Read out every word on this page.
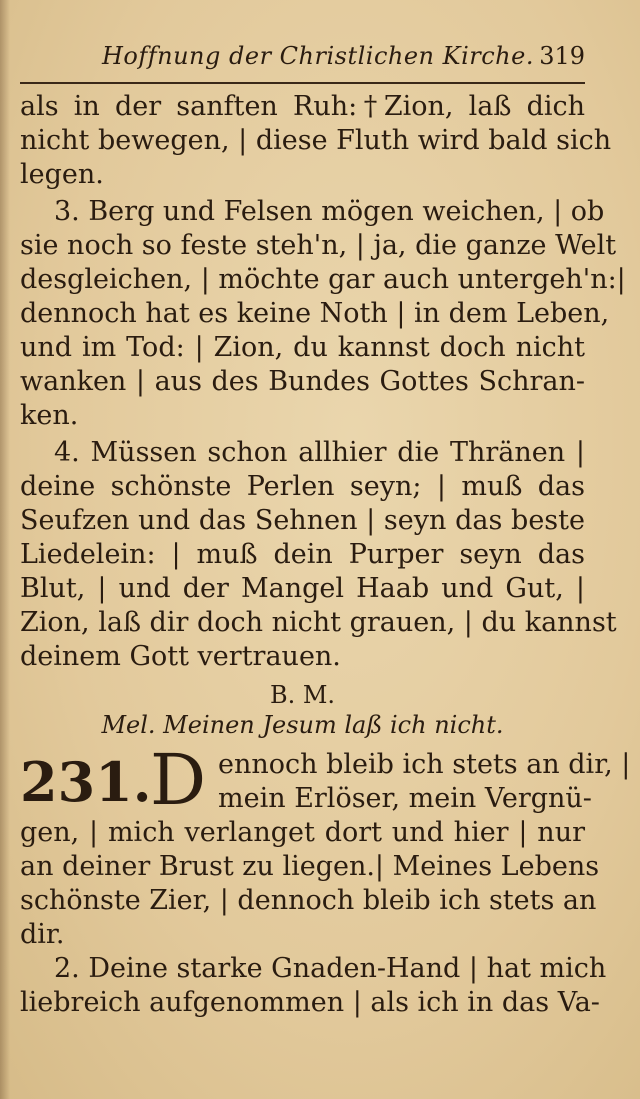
Hoffnung der Christlichen Kirche. 319
als in der sanften Ruh:†Zion, laß dich
nicht bewegen, | diese Fluth wird bald sich
legen.
3. Berg und Felsen mögen weichen, | ob
sie noch so feste steh'n, | ja, die ganze Welt
desgleichen, | möchte gar auch untergeh'n:|
dennoch hat es keine Noth | in dem Leben,
und im Tod: | Zion, du kannst doch nicht
wanken | aus des Bundes Gottes Schran-
ken.
4. Müssen schon allhier die Thränen |
deine schönste Perlen seyn; | muß das
Seufzen und das Sehnen | seyn das beste
Liedelein: | muß dein Purper seyn das
Blut, | und der Mangel Haab und Gut, |
Zion, laß dir doch nicht grauen, | du kannst
deinem Gott vertrauen.
B. M.
Mel. Meinen Jesum laß ich nicht.
231.
D ennoch bleib ich stets an dir, |
mein Erlöser, mein Vergnü-
gen, | mich verlanget dort und hier | nur
an deiner Brust zu liegen.| Meines Lebens
schönste Zier, | dennoch bleib ich stets an
dir.
2. Deine starke Gnaden-Hand | hat mich
liebreich aufgenommen | als ich in das Va-
